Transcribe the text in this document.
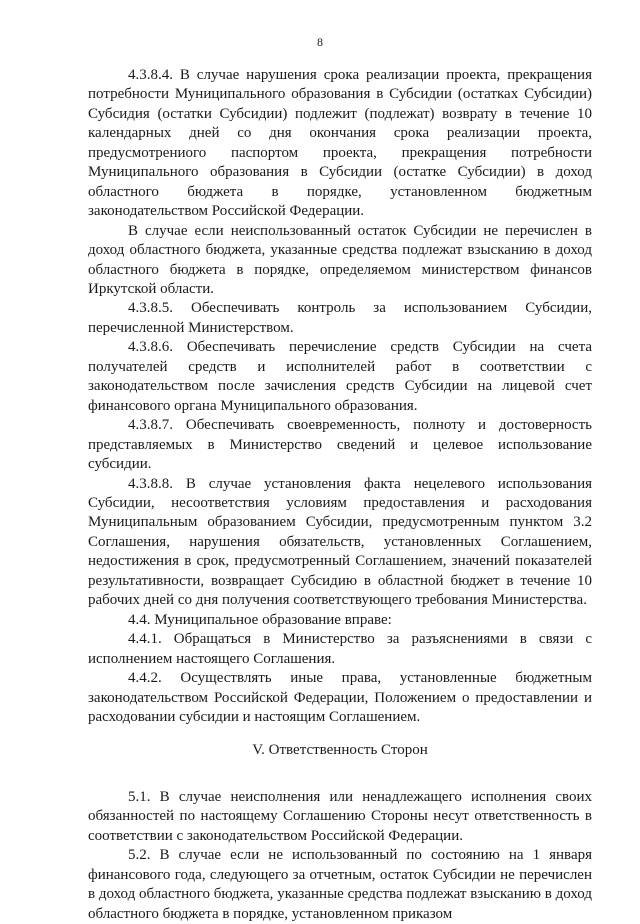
8

4.3.8.4. В случае нарушения срока реализации проекта, прекращения потребности Муниципального образования в Субсидии (остатках Субсидии) Субсидия (остатки Субсидии) подлежит (подлежат) возврату в течение 10 календарных дней со дня окончания срока реализации проекта, предусмотрениого паспортом проекта, прекращения потребности Муниципального образования в Субсидии (остатке Субсидии) в доход областного бюджета в порядке, установленном бюджетным законодательством Российской Федерации.

В случае если неиспользованный остаток Субсидии не перечислен в доход областного бюджета, указанные средства подлежат взысканию в доход областного бюджета в порядке, определяемом министерством финансов Иркутской области.

4.3.8.5. Обеспечивать контроль за использованием Субсидии, перечисленной Министерством.

4.3.8.6. Обеспечивать перечисление средств Субсидии на счета получателей средств и исполнителей работ в соответствии с законодательством после зачисления средств Субсидии на лицевой счет финансового органа Муниципального образования.

4.3.8.7. Обеспечивать своевременность, полноту и достоверность представляемых в Министерство сведений и целевое использование субсидии.

4.3.8.8. В случае установления факта нецелевого использования Субсидии, несоответствия условиям предоставления и расходования Муниципальным образованием Субсидии, предусмотренным пунктом 3.2 Соглашения, нарушения обязательств, установленных Соглашением, недостижения в срок, предусмотренный Соглашением, значений показателей результативности, возвращает Субсидию в областной бюджет в течение 10 рабочих дней со дня получения соответствующего требования Министерства.

4.4. Муниципальное образование вправе:

4.4.1. Обращаться в Министерство за разъяснениями в связи с исполнением настоящего Соглашения.

4.4.2. Осуществлять иные права, установленные бюджетным законодательством Российской Федерации, Положением о предоставлении и расходовании субсидии и настоящим Соглашением.

V. Ответственность Сторон

5.1. В случае неисполнения или ненадлежащего исполнения своих обязанностей по настоящему Соглашению Стороны несут ответственность в соответствии с законодательством Российской Федерации.

5.2. В случае если не использованный по состоянию на 1 января финансового года, следующего за отчетным, остаток Субсидии не перечислен в доход областного бюджета, указанные средства подлежат взысканию в доход областного бюджета в порядке, установленном приказом
